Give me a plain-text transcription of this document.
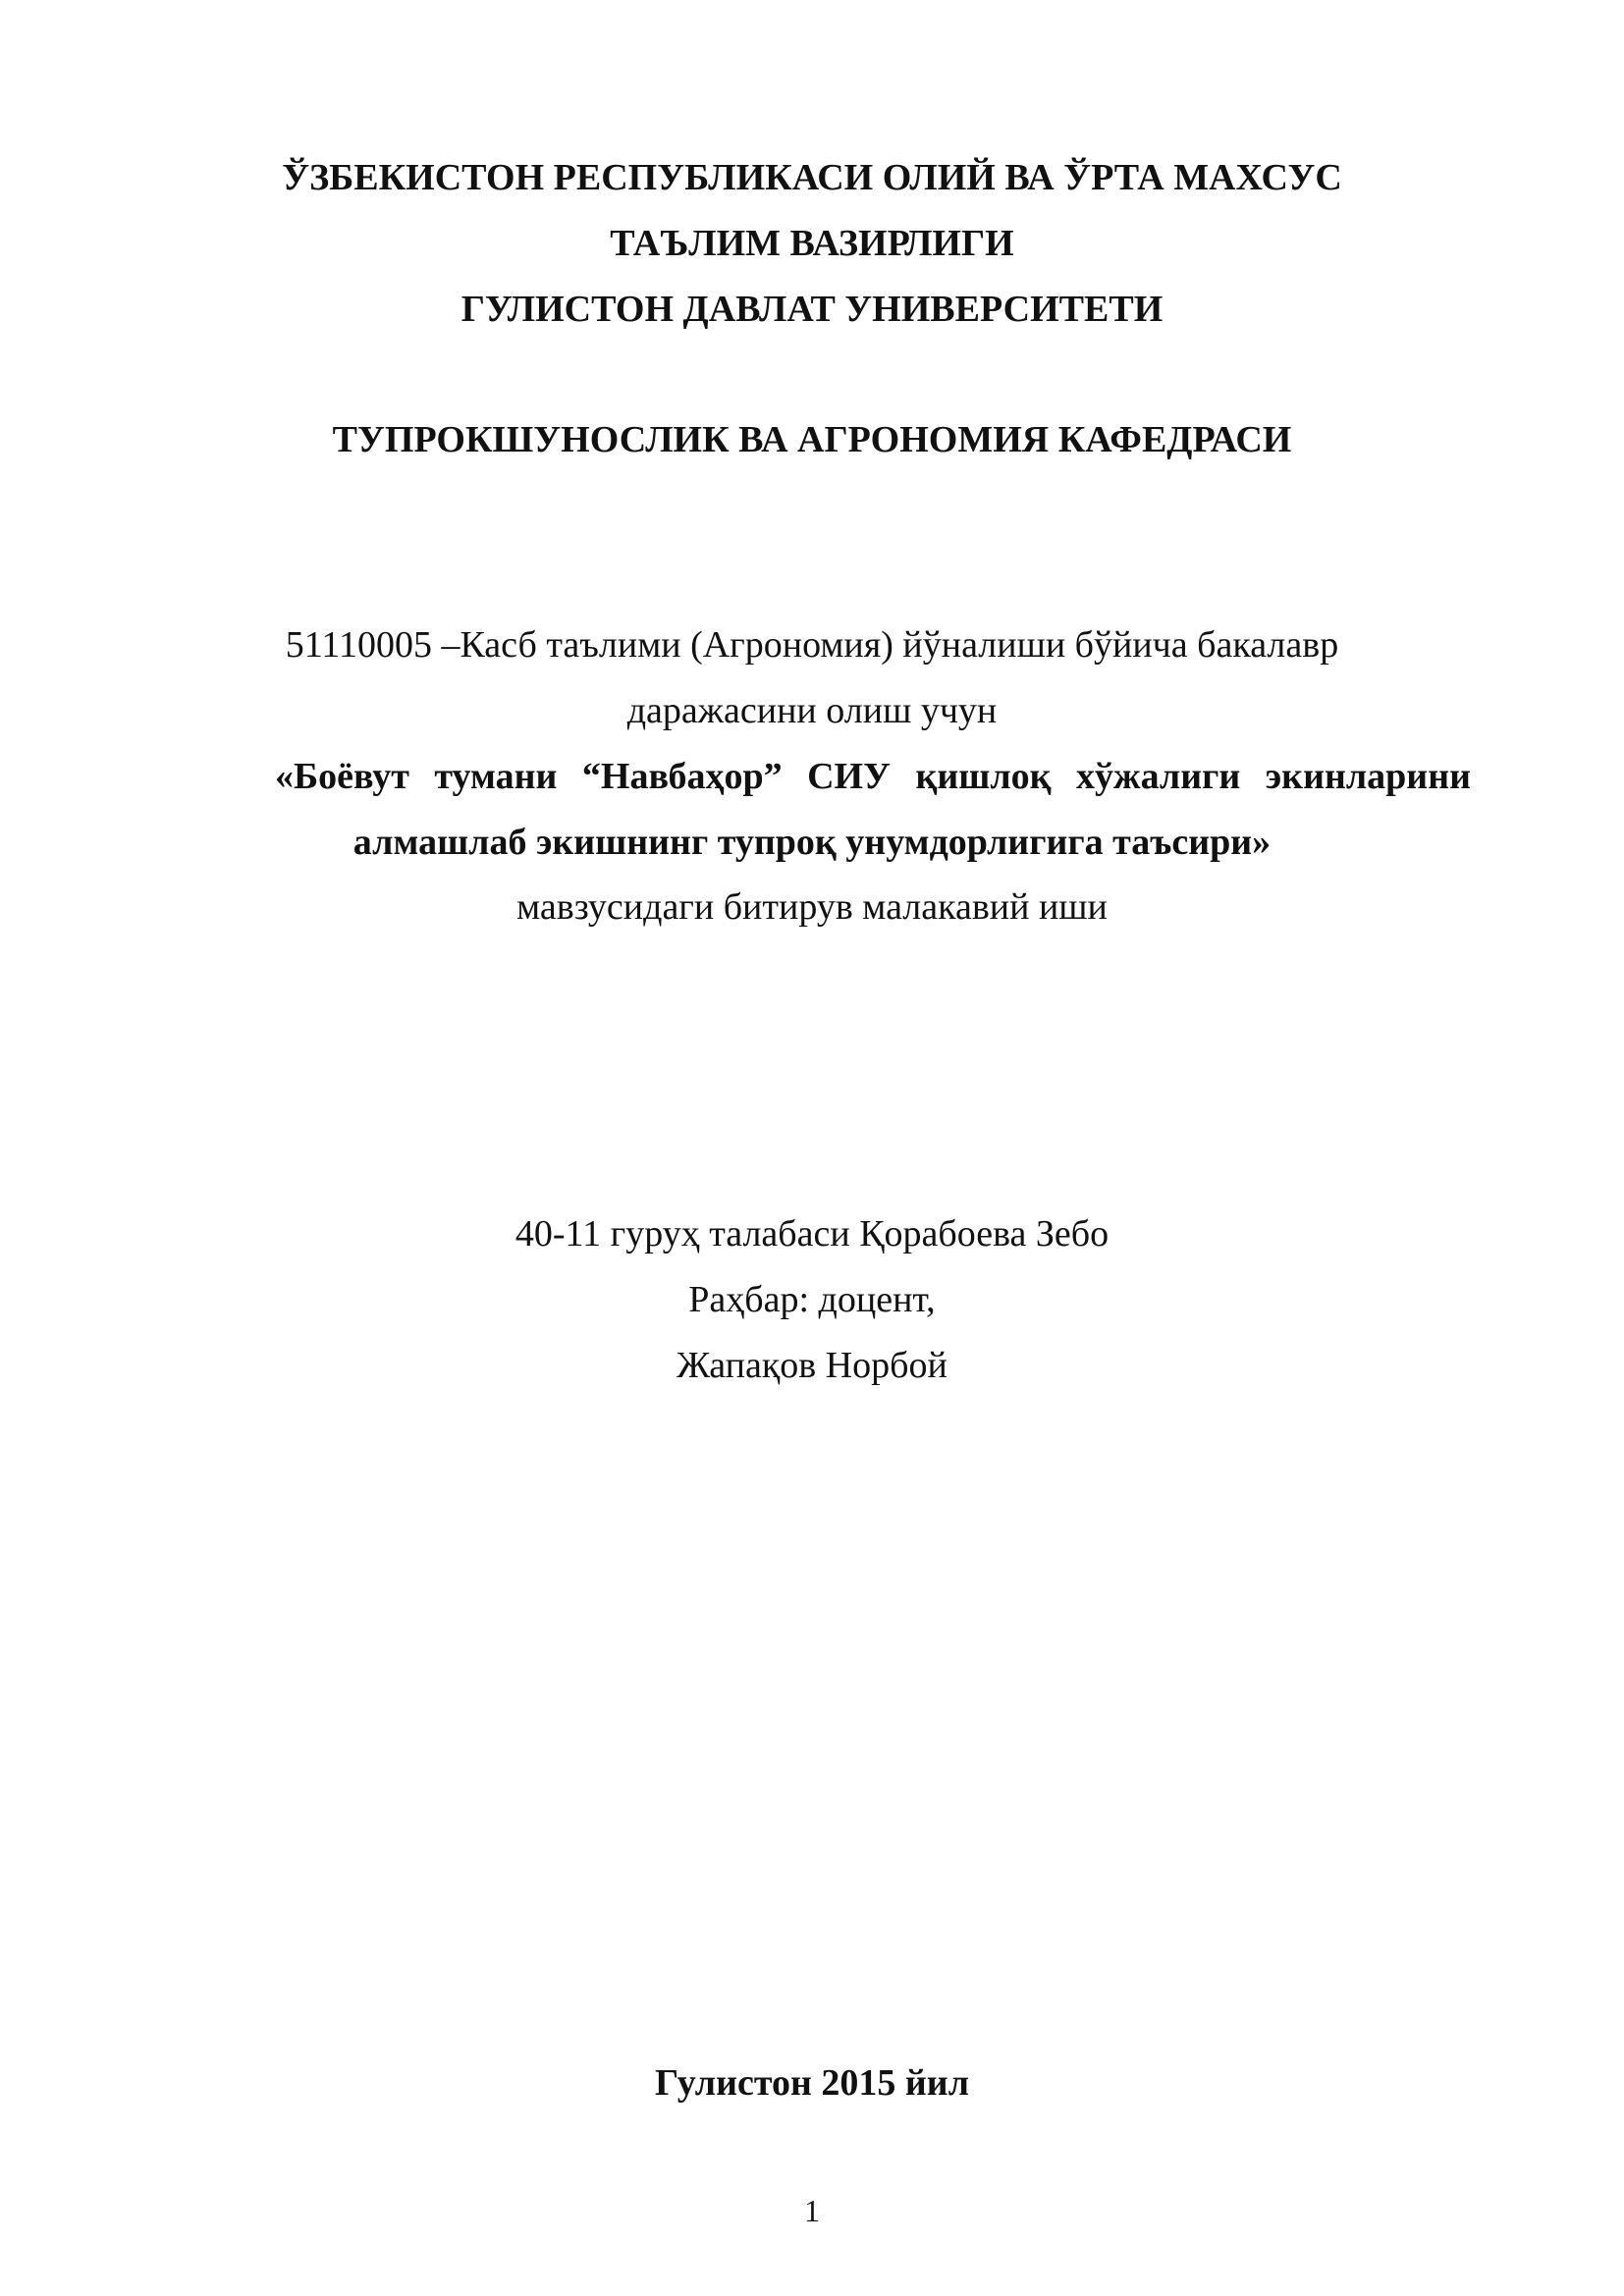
ЎЗБЕКИСТОН РЕСПУБЛИКАСИ ОЛИЙ ВА ЎРТА МАХСУС
ТАЪЛИМ ВАЗИРЛИГИ
ГУЛИСТОН ДАВЛАТ УНИВЕРСИТЕТИ
ТУПРОКШУНОСЛИК ВА АГРОНОМИЯ КАФЕДРАСИ
51110005 –Касб таълими (Агрономия) йўналиши бўйича бакалавр
даражасини олиш учун
«Боёвут тумани “Навбаҳор” СИУ қишлоқ хўжалиги экинларини
алмашлаб экишнинг тупроқ унумдорлигига таъсири»
мавзусидаги битирув малакавий иши
40-11 гуруҳ талабаси Қорабоева Зебо
Раҳбар: доцент,
Жапақов Норбой
Гулистон 2015 йил
1
